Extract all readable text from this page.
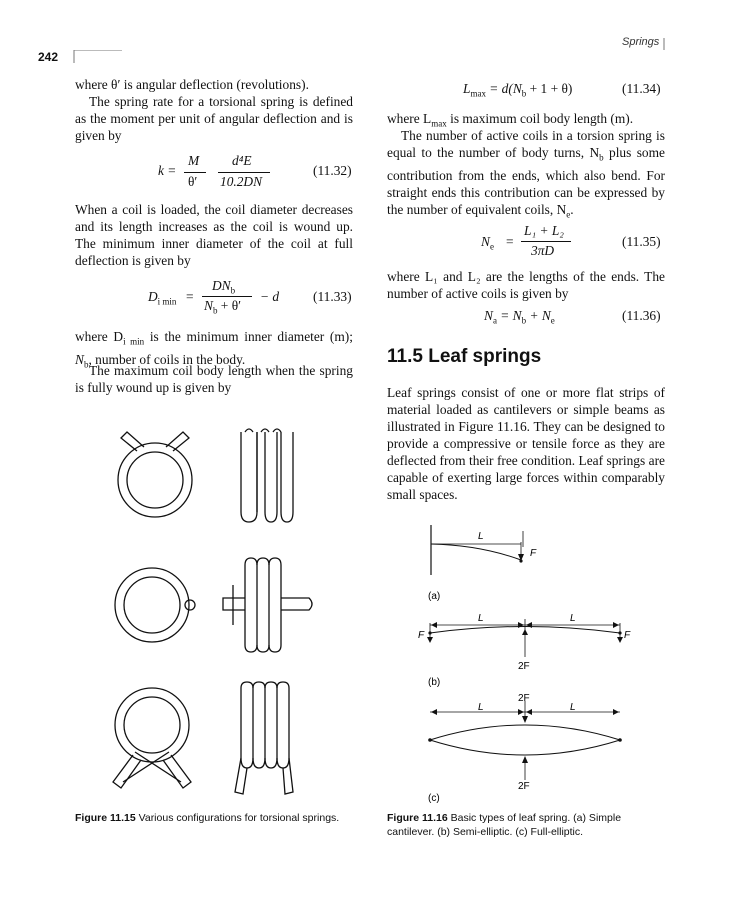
242
Springs
where θ′ is angular deflection (revolutions).
The spring rate for a torsional spring is defined as the moment per unit of angular deflection and is given by
k =
M
θ′
d⁴E
10.2DN
(11.32)
When a coil is loaded, the coil diameter decreases and its length increases as the coil is wound up. The minimum inner diameter of the coil at full deflection is given by
$D_{i min}$ =
$DN_b$
$N_b + \theta'$
− d	(11.33)
where $D_{i min}$ is the minimum inner diameter (m); $N_b$, number of coils in the body.
The maximum coil body length when the spring is fully wound up is given by
Figure 11.15 Various configurations for torsional springs.
$L_{max} = d(N_b + 1 + \theta)$	(11.34)
where $L_{max}$ is maximum coil body length (m).
The number of active coils in a torsion spring is equal to the number of body turns, $N_b$ plus some contribution from the ends, which also bend. For straight ends this contribution can be expressed by the number of equivalent coils, $N_e$.
$N_e$ =
L₁ + L₂
3πD
(11.35)
where L₁ and L₂ are the lengths of the ends. The number of active coils is given by
$N_a = N_b + N_e$	(11.36)
11.5 Leaf springs
Leaf springs consist of one or more flat strips of material loaded as cantilevers or simple beams as illustrated in Figure 11.16. They can be designed to provide a compressive or tensile force as they are deflected from their free condition. Leaf springs are capable of exerting large forces within comparably small spaces.
L
F
(a)
L	L
F	F
2F
(b)
2F
L	L
2F
(c)
Figure 11.16 Basic types of leaf spring. (a) Simple cantilever. (b) Semi-elliptic. (c) Full-elliptic.
